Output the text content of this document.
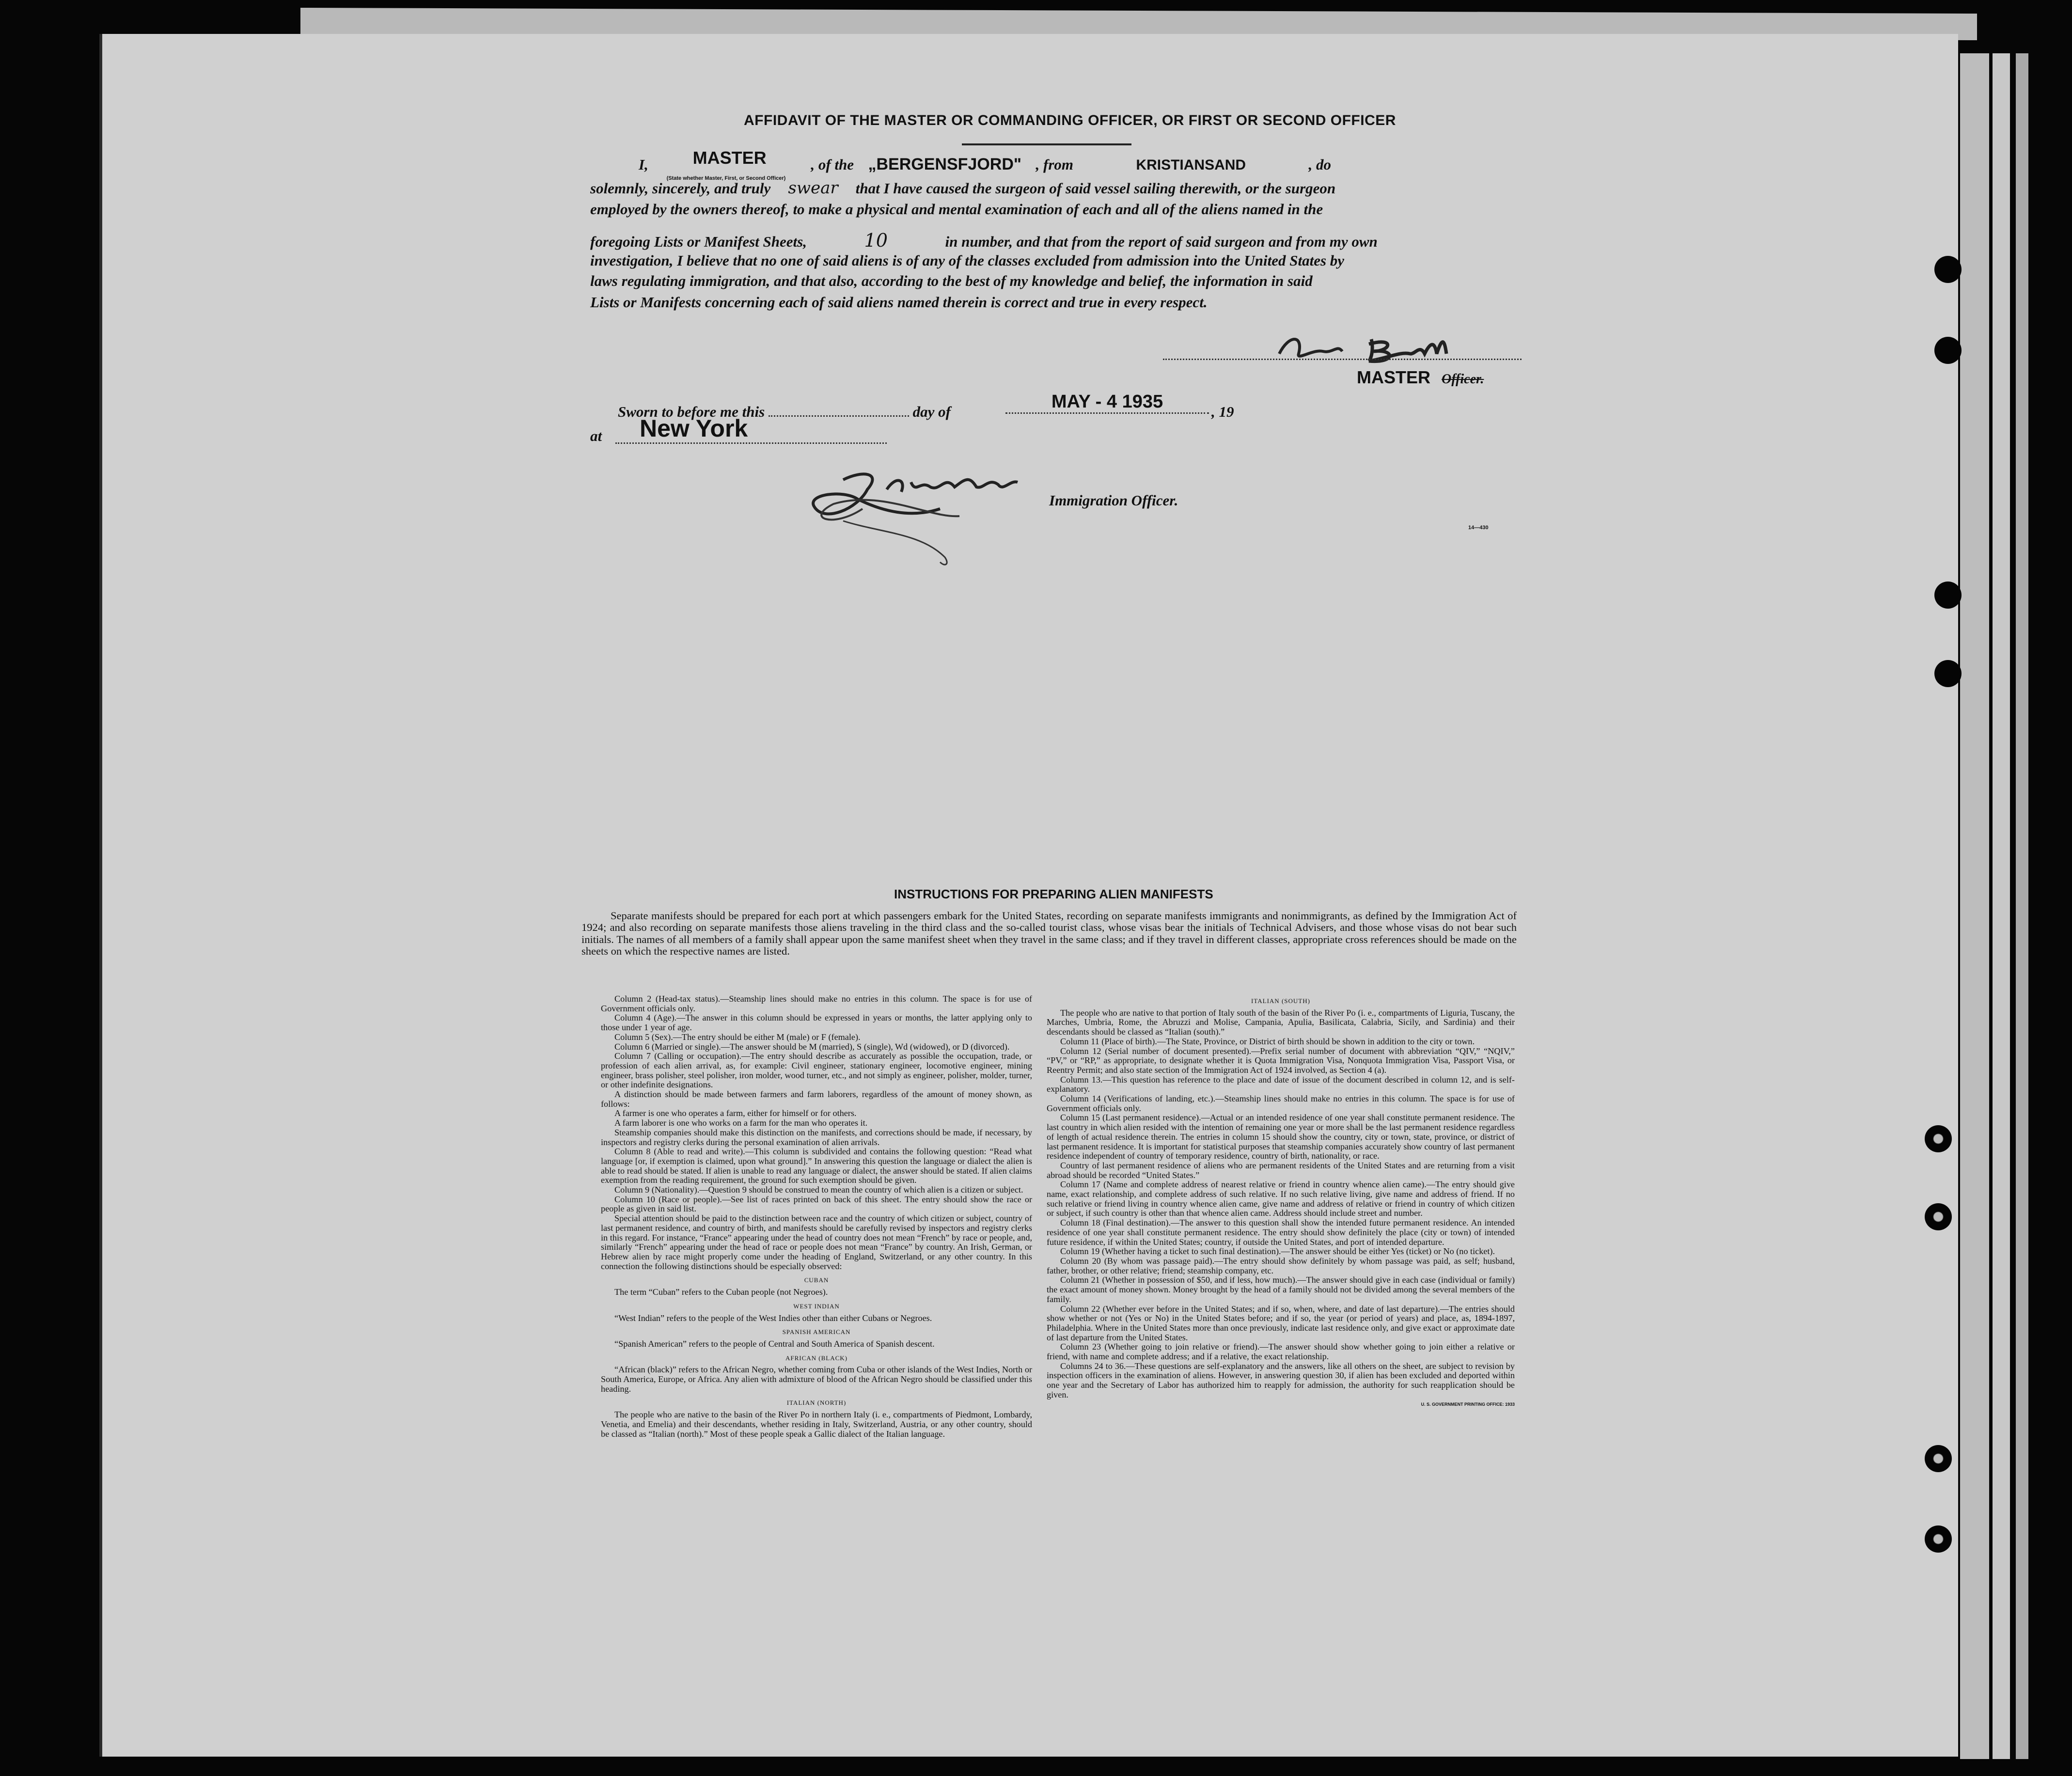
AFFIDAVIT OF THE MASTER OR COMMANDING OFFICER, OR FIRST OR SECOND OFFICER
I,	MASTER
(State whether Master, First, or Second Officer)
, of the „BERGENSFJORD" , from	KRISTIANSAND	, do
solemnly, sincerely, and truly swear that I have caused the surgeon of said vessel sailing therewith, or the surgeon
employed by the owners thereof, to make a physical and mental examination of each and all of the aliens named in the
foregoing Lists or Manifest Sheets,	10	in number, and that from the report of said surgeon and from my own
investigation, I believe that no one of said aliens is of any of the classes excluded from admission into the United States by
laws regulating immigration, and that also, according to the best of my knowledge and belief, the information in said
Lists or Manifests concerning each of said aliens named therein is correct and true in every respect.
MASTER Officer.
Sworn to before me this	day of	MAY - 4 1935	, 19
at	New York
Immigration Officer.
14—430
INSTRUCTIONS FOR PREPARING ALIEN MANIFESTS
Separate manifests should be prepared for each port at which passengers embark for the United States, recording on separate manifests immigrants and nonimmigrants, as defined by the Immigration Act of 1924; and also recording on separate manifests those aliens traveling in the third class and the so-called tourist class, whose visas bear the initials of Technical Advisers, and those whose visas do not bear such initials. The names of all members of a family shall appear upon the same manifest sheet when they travel in the same class; and if they travel in different classes, appropriate cross references should be made on the sheets on which the respective names are listed.

Column 2 (Head-tax status).—Steamship lines should make no entries in this column. The space is for use of Government officials only.

Column 4 (Age).—The answer in this column should be expressed in years or months, the latter applying only to those under 1 year of age.

Column 5 (Sex).—The entry should be either M (male) or F (female).

Column 6 (Married or single).—The answer should be M (married), S (single), Wd (widowed), or D (divorced).

Column 7 (Calling or occupation).—The entry should describe as accurately as possible the occupation, trade, or profession of each alien arrival, as, for example: Civil engineer, stationary engineer, locomotive engineer, mining engineer, brass polisher, steel polisher, iron molder, wood turner, etc., and not simply as engineer, polisher, molder, turner, or other indefinite designations.

A distinction should be made between farmers and farm laborers, regardless of the amount of money shown, as follows:

A farmer is one who operates a farm, either for himself or for others.

A farm laborer is one who works on a farm for the man who operates it.

Steamship companies should make this distinction on the manifests, and corrections should be made, if necessary, by inspectors and registry clerks during the personal examination of alien arrivals.

Column 8 (Able to read and write).—This column is subdivided and contains the following question: “Read what language [or, if exemption is claimed, upon what ground].” In answering this question the language or dialect the alien is able to read should be stated. If alien is unable to read any language or dialect, the answer should be stated. If alien claims exemption from the reading requirement, the ground for such exemption should be given.

Column 9 (Nationality).—Question 9 should be construed to mean the country of which alien is a citizen or subject.

Column 10 (Race or people).—See list of races printed on back of this sheet. The entry should show the race or people as given in said list.

Special attention should be paid to the distinction between race and the country of which citizen or subject, country of last permanent residence, and country of birth, and manifests should be carefully revised by inspectors and registry clerks in this regard. For instance, “France” appearing under the head of country does not mean “French” by race or people, and, similarly “French” appearing under the head of race or people does not mean “France” by country. An Irish, German, or Hebrew alien by race might properly come under the heading of England, Switzerland, or any other country. In this connection the following distinctions should be especially observed:

CUBAN

The term “Cuban” refers to the Cuban people (not Negroes).

WEST INDIAN

“West Indian” refers to the people of the West Indies other than either Cubans or Negroes.

SPANISH AMERICAN

“Spanish American” refers to the people of Central and South America of Spanish descent.

AFRICAN (BLACK)

“African (black)” refers to the African Negro, whether coming from Cuba or other islands of the West Indies, North or South America, Europe, or Africa. Any alien with admixture of blood of the African Negro should be classified under this heading.

ITALIAN (NORTH)

The people who are native to the basin of the River Po in northern Italy (i. e., compartments of Piedmont, Lombardy, Venetia, and Emelia) and their descendants, whether residing in Italy, Switzerland, Austria, or any other country, should be classed as “Italian (north).” Most of these people speak a Gallic dialect of the Italian language.

ITALIAN (SOUTH)

The people who are native to that portion of Italy south of the basin of the River Po (i. e., compartments of Liguria, Tuscany, the Marches, Umbria, Rome, the Abruzzi and Molise, Campania, Apulia, Basilicata, Calabria, Sicily, and Sardinia) and their descendants should be classed as “Italian (south).”

Column 11 (Place of birth).—The State, Province, or District of birth should be shown in addition to the city or town.

Column 12 (Serial number of document presented).—Prefix serial number of document with abbreviation “QIV,” “NQIV,” “PV,” or “RP,” as appropriate, to designate whether it is Quota Immigration Visa, Nonquota Immigration Visa, Passport Visa, or Reentry Permit; and also state section of the Immigration Act of 1924 involved, as Section 4 (a).

Column 13.—This question has reference to the place and date of issue of the document described in column 12, and is self-explanatory.

Column 14 (Verifications of landing, etc.).—Steamship lines should make no entries in this column. The space is for use of Government officials only.

Column 15 (Last permanent residence).—Actual or an intended residence of one year shall constitute permanent residence. The last country in which alien resided with the intention of remaining one year or more shall be the last permanent residence regardless of length of actual residence therein. The entries in column 15 should show the country, city or town, state, province, or district of last permanent residence. It is important for statistical purposes that steamship companies accurately show country of last permanent residence independent of country of temporary residence, country of birth, nationality, or race.

Country of last permanent residence of aliens who are permanent residents of the United States and are returning from a visit abroad should be recorded “United States.”

Column 17 (Name and complete address of nearest relative or friend in country whence alien came).—The entry should give name, exact relationship, and complete address of such relative. If no such relative living, give name and address of friend. If no such relative or friend living in country whence alien came, give name and address of relative or friend in country of which citizen or subject, if such country is other than that whence alien came. Address should include street and number.

Column 18 (Final destination).—The answer to this question shall show the intended future permanent residence. An intended residence of one year shall constitute permanent residence. The entry should show definitely the place (city or town) of intended future residence, if within the United States; country, if outside the United States, and port of intended departure.

Column 19 (Whether having a ticket to such final destination).—The answer should be either Yes (ticket) or No (no ticket).

Column 20 (By whom was passage paid).—The entry should show definitely by whom passage was paid, as self; husband, father, brother, or other relative; friend; steamship company, etc.

Column 21 (Whether in possession of $50, and if less, how much).—The answer should give in each case (individual or family) the exact amount of money shown. Money brought by the head of a family should not be divided among the several members of the family.

Column 22 (Whether ever before in the United States; and if so, when, where, and date of last departure).—The entries should show whether or not (Yes or No) in the United States before; and if so, the year (or period of years) and place, as, 1894-1897, Philadelphia. Where in the United States more than once previously, indicate last residence only, and give exact or approximate date of last departure from the United States.

Column 23 (Whether going to join relative or friend).—The answer should show whether going to join either a relative or friend, with name and complete address; and if a relative, the exact relationship.

Columns 24 to 36.—These questions are self-explanatory and the answers, like all others on the sheet, are subject to revision by inspection officers in the examination of aliens. However, in answering question 30, if alien has been excluded and deported within one year and the Secretary of Labor has authorized him to reapply for admission, the authority for such reapplication should be given.

U. S. GOVERNMENT PRINTING OFFICE: 1933
